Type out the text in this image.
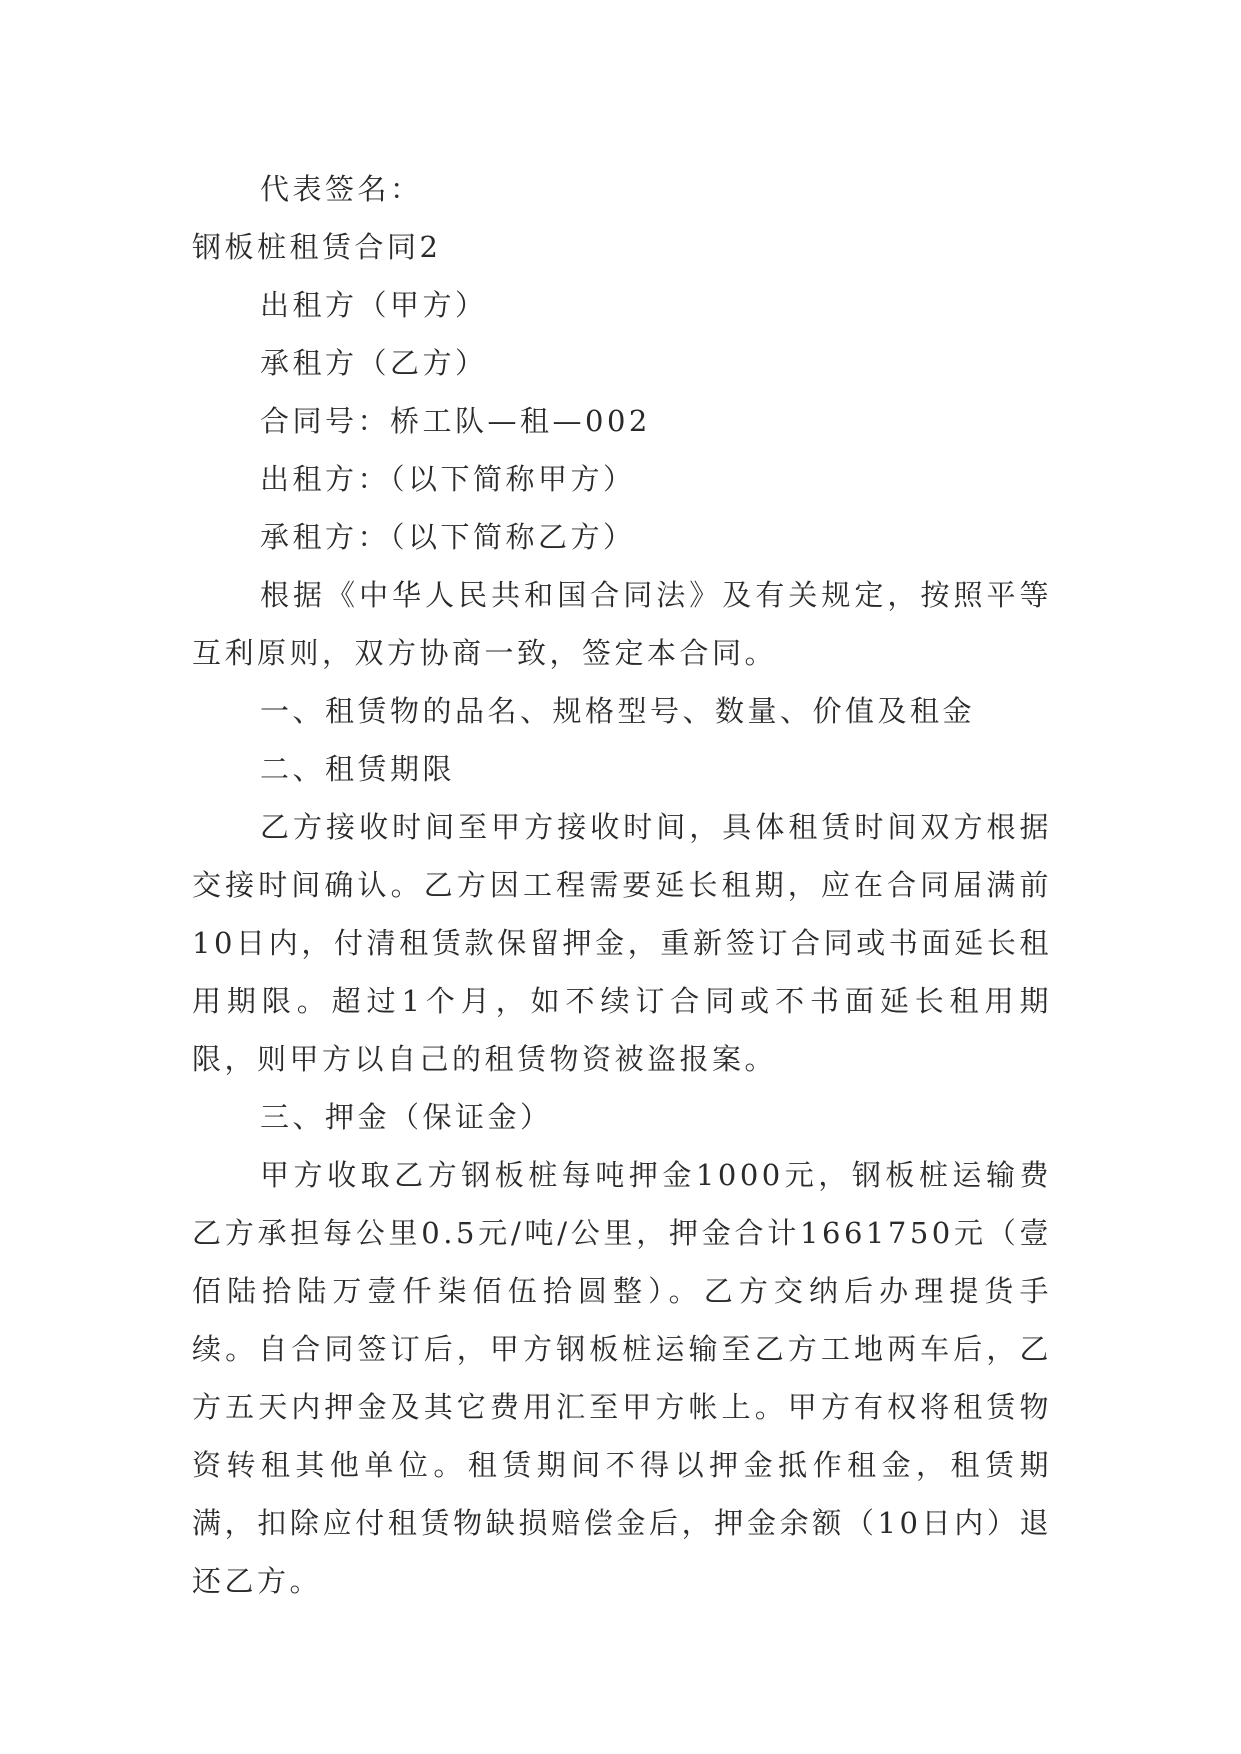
代表签名：

钢板桩租赁合同2

出租方（甲方）

承租方（乙方）

合同号：桥工队—租—002

出租方：（以下简称甲方）

承租方：（以下简称乙方）

根据《中华人民共和国合同法》及有关规定，按照平等互利原则，双方协商一致，签定本合同。

一、租赁物的品名、规格型号、数量、价值及租金

二、租赁期限

乙方接收时间至甲方接收时间，具体租赁时间双方根据交接时间确认。乙方因工程需要延长租期，应在合同届满前10日内，付清租赁款保留押金，重新签订合同或书面延长租用期限。超过1个月，如不续订合同或不书面延长租用期限，则甲方以自己的租赁物资被盗报案。

三、押金（保证金）

甲方收取乙方钢板桩每吨押金1000元，钢板桩运输费乙方承担每公里0.5元/吨/公里，押金合计1661750元（壹佰陆拾陆万壹仟柒佰伍拾圆整）。乙方交纳后办理提货手续。自合同签订后，甲方钢板桩运输至乙方工地两车后，乙方五天内押金及其它费用汇至甲方帐上。甲方有权将租赁物资转租其他单位。租赁期间不得以押金抵作租金，租赁期满，扣除应付租赁物缺损赔偿金后，押金余额（10日内）退还乙方。
